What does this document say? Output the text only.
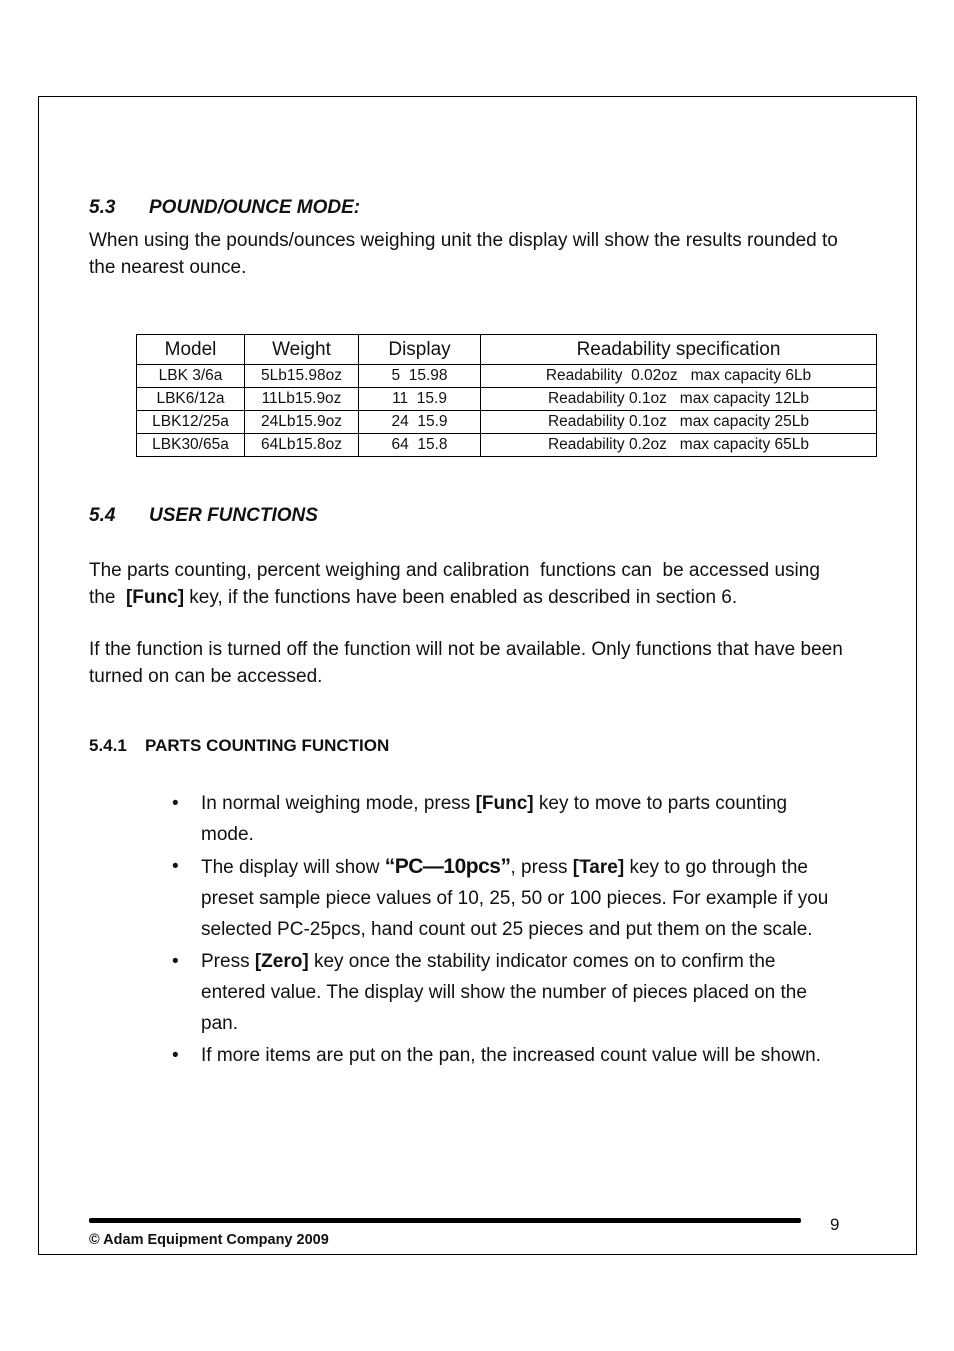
5.3 POUND/OUNCE MODE:
When using the pounds/ounces weighing unit the display will show the results rounded to the nearest ounce.
Model	Weight	Display	Readability specification
LBK 3/6a	5Lb15.98oz	5  15.98	Readability  0.02oz   max capacity 6Lb
LBK6/12a	11Lb15.9oz	11  15.9	Readability 0.1oz   max capacity 12Lb
LBK12/25a	24Lb15.9oz	24  15.9	Readability 0.1oz   max capacity 25Lb
LBK30/65a	64Lb15.8oz	64  15.8	Readability 0.2oz   max capacity 65Lb
5.4 USER FUNCTIONS
The parts counting, percent weighing and calibration  functions can  be accessed using the  [Func] key, if the functions have been enabled as described in section 6.
If the function is turned off the function will not be available. Only functions that have been turned on can be accessed.
5.4.1 PARTS COUNTING FUNCTION
• In normal weighing mode, press [Func] key to move to parts counting mode.
• The display will show “PC—10pcs”, press [Tare] key to go through the preset sample piece values of 10, 25, 50 or 100 pieces. For example if you selected PC-25pcs, hand count out 25 pieces and put them on the scale.
• Press [Zero] key once the stability indicator comes on to confirm the entered value. The display will show the number of pieces placed on the pan.
• If more items are put on the pan, the increased count value will be shown.
9
© Adam Equipment Company 2009
